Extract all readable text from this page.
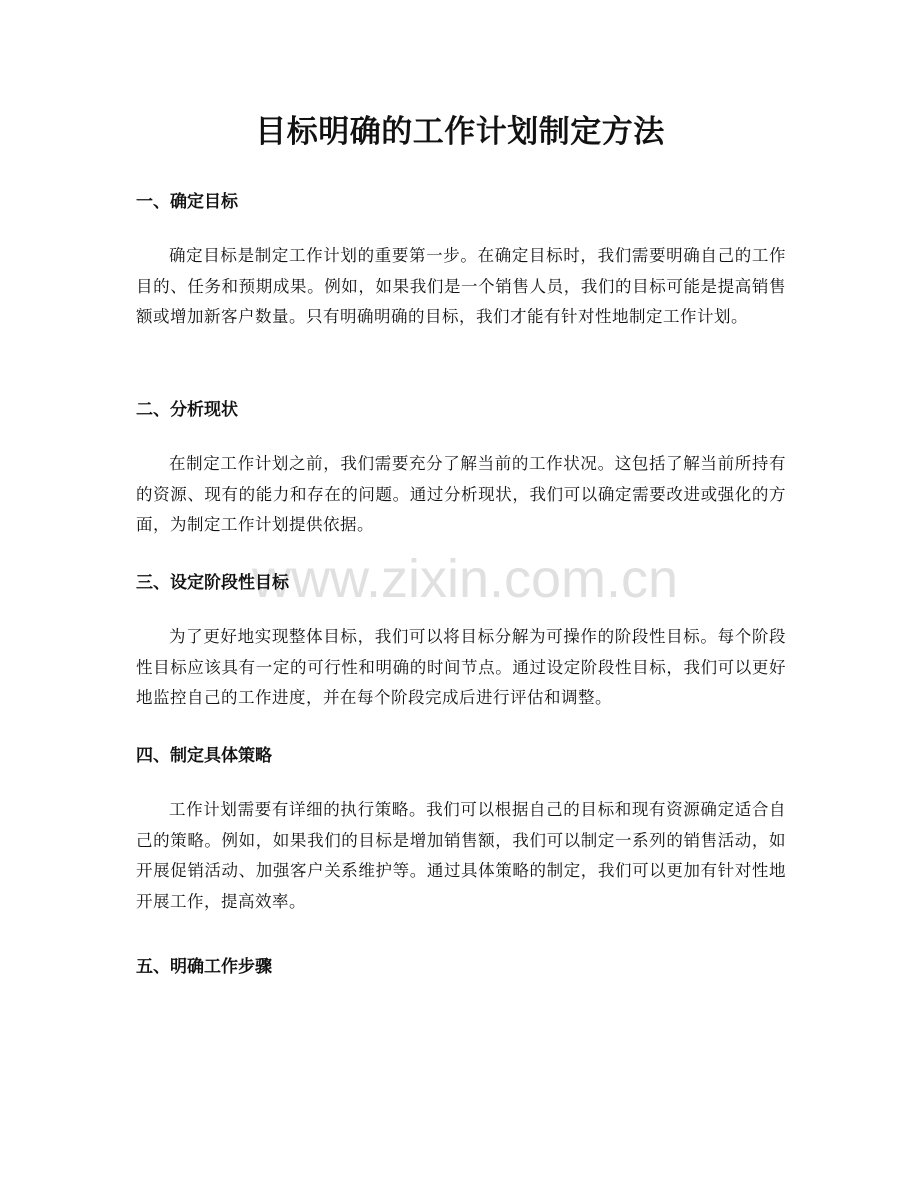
www.zixin.com.cn
目标明确的工作计划制定方法
一、确定目标

确定目标是制定工作计划的重要第一步。在确定目标时，我们需要明确自己的工作目的、任务和预期成果。例如，如果我们是一个销售人员，我们的目标可能是提高销售额或增加新客户数量。只有明确明确的目标，我们才能有针对性地制定工作计划。

二、分析现状

在制定工作计划之前，我们需要充分了解当前的工作状况。这包括了解当前所持有的资源、现有的能力和存在的问题。通过分析现状，我们可以确定需要改进或强化的方面，为制定工作计划提供依据。

三、设定阶段性目标

为了更好地实现整体目标，我们可以将目标分解为可操作的阶段性目标。每个阶段性目标应该具有一定的可行性和明确的时间节点。通过设定阶段性目标，我们可以更好地监控自己的工作进度，并在每个阶段完成后进行评估和调整。

四、制定具体策略

工作计划需要有详细的执行策略。我们可以根据自己的目标和现有资源确定适合自己的策略。例如，如果我们的目标是增加销售额，我们可以制定一系列的销售活动，如开展促销活动、加强客户关系维护等。通过具体策略的制定，我们可以更加有针对性地开展工作，提高效率。

五、明确工作步骤
